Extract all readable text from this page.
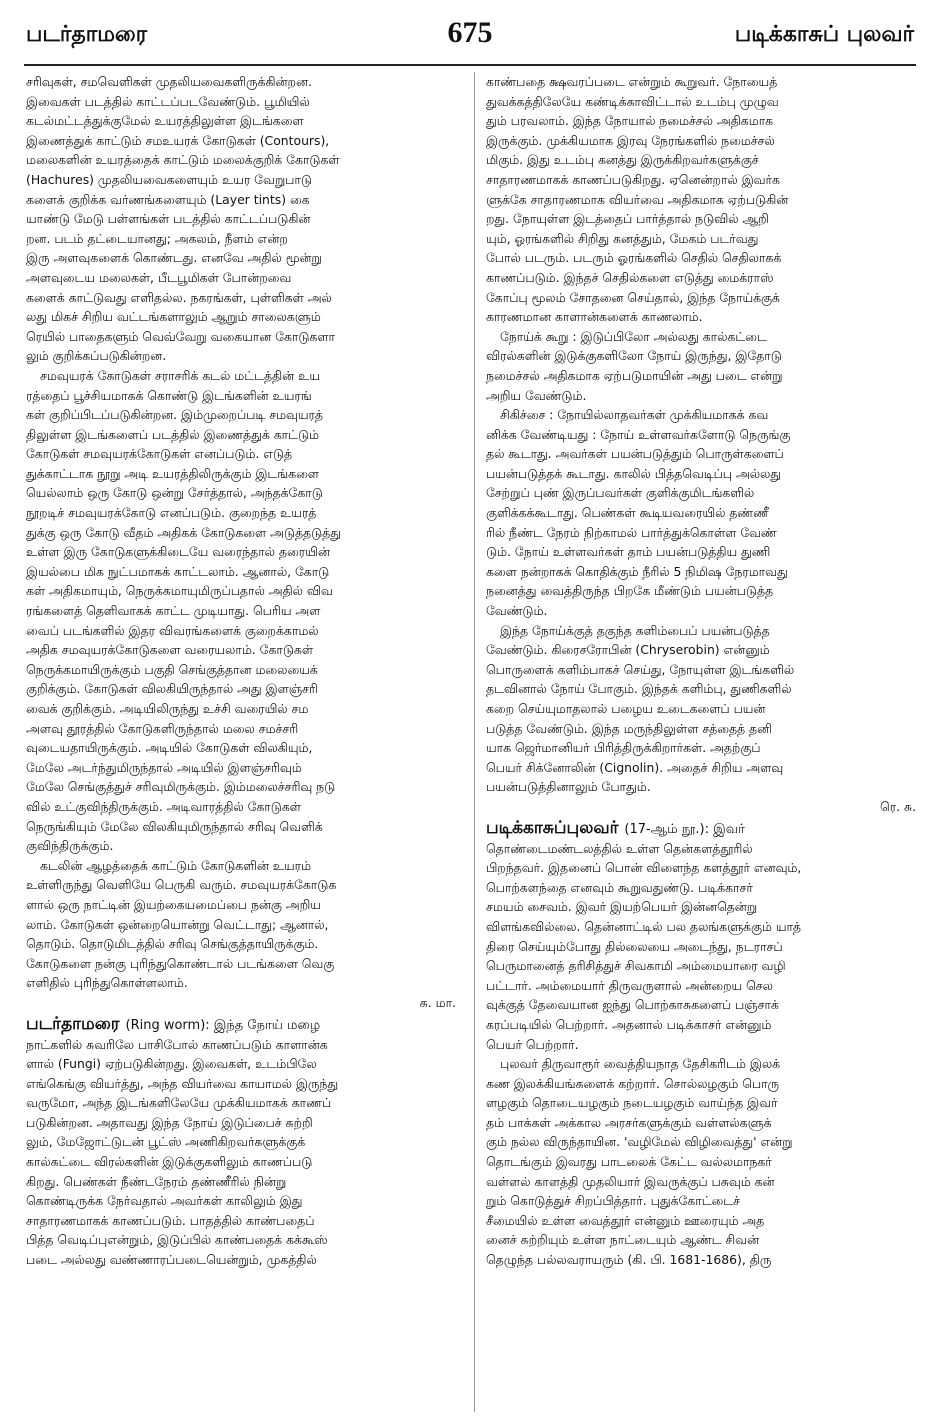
படர்தாமரை	675	படிக்காசுப் புலவர்
சரிவுகள், சமவெளிகள் முதலியவைகளிருக்கின்றன.
இவைகள் படத்தில் காட்டப்படவேண்டும். பூமியில்
கடல்மட்டத்துக்குமேல் உயரத்திலுள்ள இடங்களை
இணைத்துக் காட்டும் சமஉயரக் கோடுகள் (Contours),
மலைகளின் உயரத்தைக் காட்டும் மலைக்குறிக் கோடுகள்
(Hachures) முதலியவைகளையும் உயர வேறுபாடு
களைக் குறிக்க வர்ணங்களையும் (Layer tints) கை
யாண்டு மேடு பள்ளங்கள் படத்தில் காட்டப்படுகின்
றன. படம் தட்டையானது; அகலம், நீளம் என்ற
இரு அளவுகளைக் கொண்டது. எனவே அதில் மூன்று
அளவுடைய மலைகள், பீடபூமிகள் போன்றவை
களைக் காட்டுவது எளிதல்ல. நகரங்கள், புள்ளிகள் அல்
லது மிகச் சிறிய வட்டங்களாலும் ஆறும் சாலைகளும்
ரெயில் பாதைகளும் வெவ்வேறு வகையான கோடுகளா
லும் குறிக்கப்படுகின்றன.
சமவுயரக் கோடுகள் சராசரிக் கடல் மட்டத்தின் உய
ரத்தைப் பூச்சியமாகக் கொண்டு இடங்களின் உயரங்
கள் குறிப்பிடப்படுகின்றன. இம்முறைப்படி சமவுயரத்
திலுள்ள இடங்களைப் படத்தில் இணைத்துக் காட்டும்
கோடுகள் சமவுயரக்கோடுகள் எனப்படும். எடுத்
துக்காட்டாக நூறு அடி உயரத்திலிருக்கும் இடங்களை
யெல்லாம் ஒரு கோடு ஒன்று சேர்த்தால், அந்தக்கோடு
நூறடிச் சமவுயரக்கோடு எனப்படும். குறைந்த உயரத்
துக்கு ஒரு கோடு வீதம் அதிகக் கோடுகளை அடுத்தடுத்து
உள்ள இரு கோடுகளுக்கிடையே வரைந்தால் தரையின்
இயல்பை மிக நுட்பமாகக் காட்டலாம். ஆனால், கோடு
கள் அதிகமாயும், நெருக்கமாயுமிருப்பதால் அதில் விவ
ரங்களைத் தெளிவாகக் காட்ட முடியாது. பெரிய அள
வைப் படங்களில் இதர விவரங்களைக் குறைக்காமல்
அதிக சமவுயரக்கோடுகளை வரையலாம். கோடுகள்
நெருக்கமாயிருக்கும் பகுதி செங்குத்தான மலையைக்
குறிக்கும். கோடுகள் விலகியிருந்தால் அது இளஞ்சரி
வைக் குறிக்கும். அடியிலிருந்து உச்சி வரையில் சம
அளவு தூரத்தில் கோடுகளிருந்தால் மலை சமச்சரி
வுடையதாயிருக்கும். அடியில் கோடுகள் விலகியும்,
மேலே அடர்ந்துமிருந்தால் அடியில் இளஞ்சரிவும்
மேலே செங்குத்துச் சரிவுமிருக்கும். இம்மலைச்சரிவு நடு
வில் உட்குவிந்திருக்கும். அடிவாரத்தில் கோடுகள்
நெருங்கியும் மேலே விலகியுமிருந்தால் சரிவு வெளிக்
குவிந்திருக்கும்.
கடலின் ஆழத்தைக் காட்டும் கோடுகளின் உயரம்
உள்ளிருந்து வெளியே பெருகி வரும். சமவுயரக்கோடுக
ளால் ஒரு நாட்டின் இயற்கையமைப்பை நன்கு அறிய
லாம். கோடுகள் ஒன்றையொன்று வெட்டாது; ஆனால்,
தொடும். தொடுமிடத்தில் சரிவு செங்குத்தாயிருக்கும்.
கோடுகளை நன்கு புரிந்துகொண்டால் படங்களை வெகு
எளிதில் புரிந்துகொள்ளலாம்.
சு. மா.
படர்தாமரை (Ring worm): இந்த நோய் மழை
நாட்களில் சுவரிலே பாசிபோல் காணப்படும் காளான்க
ளால் (Fungi) ஏற்படுகின்றது. இவைகள், உடம்பிலே
எங்கெங்கு வியர்த்து, அந்த வியர்வை காயாமல் இருந்து
வருமோ, அந்த இடங்களிலேயே முக்கியமாகக் காணப்
படுகின்றன. அதாவது இந்த நோய் இடுப்பைச் சுற்றி
லும், மேஜோட்டுடன் பூட்ஸ் அணிகிறவர்களுக்குக்
கால்கட்டை விரல்களின் இடுக்குகளிலும் காணப்படு
கிறது. பெண்கள் நீண்டநேரம் தண்ணீரில் நின்று
கொண்டிருக்க நேர்வதால் அவர்கள் காலிலும் இது
சாதாரணமாகக் காணப்படும். பாதத்தில் காண்பதைப்
பித்த வெடிப்புஎன்றும், இடுப்பில் காண்பதைக் கக்கூஸ்
படை அல்லது வண்ணாரப்படையென்றும், முகத்தில்
காண்பதை க்ஷவரப்படை என்றும் கூறுவர். நோயைத்
துவக்கத்திலேயே கண்டிக்காவிட்டால் உடம்பு முழுவ
தும் பரவலாம். இந்த நோயால் நமைச்சல் அதிகமாக
இருக்கும். முக்கியமாக இரவு நேரங்களில் நமைச்சல்
மிகும். இது உடம்பு கனத்து இருக்கிறவர்களுக்குச்
சாதாரணமாகக் காணப்படுகிறது. ஏனென்றால் இவர்க
ளுக்கே சாதாரணமாக வியர்வை அதிகமாக ஏற்படுகின்
றது. நோயுள்ள இடத்தைப் பார்த்தால் நடுவில் ஆறி
யும், ஓரங்களில் சிறிது கனத்தும், மேகம் படர்வது
போல் படரும். படரும் ஓரங்களில் செதில் செதிலாகக்
காணப்படும். இந்தச் செதில்களை எடுத்து மைக்ராஸ்
கோப்பு மூலம் சோதனை செய்தால், இந்த நோய்க்குக்
காரணமான காளான்களைக் காணலாம்.
நோய்க் கூறு : இடுப்பிலோ அல்லது கால்கட்டை
விரல்களின் இடுக்குகளிலோ நோய் இருந்து, இதோடு
நமைச்சல் அதிகமாக ஏற்படுமாயின் அது படை என்று
அறிய வேண்டும்.
சிகிச்சை : நோயில்லாதவர்கள் முக்கியமாகக் கவ
னிக்க வேண்டியது : நோய் உள்ளவர்களோடு நெருங்கு
தல் கூடாது. அவர்கள் பயன்படுத்தும் பொருள்களைப்
பயன்படுத்தக் கூடாது. காலில் பித்தவெடிப்பு அல்லது
சேற்றுப் புண் இருப்பவர்கள் குளிக்குமிடங்களில்
குளிக்கக்கூடாது. பெண்கள் கூடியவரையில் தண்ணீ
ரில் நீண்ட நேரம் நிற்காமல் பார்த்துக்கொள்ள வேண்
டும். நோய் உள்ளவர்கள் தாம் பயன்படுத்திய துணி
களை நன்றாகக் கொதிக்கும் நீரில் 5 நிமிஷ நேரமாவது
நனைத்து வைத்திருந்த பிறகே மீண்டும் பயன்படுத்த
வேண்டும்.
இந்த நோய்க்குத் தகுந்த களிம்பைப் பயன்படுத்த
வேண்டும். கிரைசரோபின் (Chryserobin) என்னும்
பொருளைக் களிம்பாகச் செய்து, நோயுள்ள இடங்களில்
தடவினால் நோய் போகும். இந்தக் களிம்பு, துணிகளில்
கறை செய்யுமாதலால் பழைய உடைகளைப் பயன்
படுத்த வேண்டும். இந்த மருந்திலுள்ள சத்தைத் தனி
யாக ஜெர்மானியர் பிரித்திருக்கிறார்கள். அதற்குப்
பெயர் சிக்னோலின் (Cignolin). அதைச் சிறிய அளவு
பயன்படுத்தினாலும் போதும்.
ரெ. சு.
படிக்காசுப்புலவர் (17-ஆம் நூ.): இவர்
தொண்டைமண்டலத்தில் உள்ள தென்களத்தூரில்
பிறந்தவர். இதனைப் பொன் விளைந்த களத்தூர் எனவும்,
பொற்களந்தை எனவும் கூறுவதுண்டு. படிக்காசர்
சமயம் சைவம். இவர் இயற்பெயர் இன்னதென்று
விளங்கவில்லை. தென்னாட்டில் பல தலங்களுக்கும் யாத்
திரை செய்யும்போது தில்லையை அடைந்து, நடராசப்
பெருமானைத் தரிசித்துச் சிவகாமி அம்மையாரை வழி
பட்டார். அம்மையார் திருவருளால் அன்றைய செல
வுக்குத் தேவையான ஐந்து பொற்காசுகளைப் பஞ்சாக்
கரப்படியில் பெற்றார். அதனால் படிக்காசர் என்னும்
பெயர் பெற்றார்.
புலவர் திருவாரூர் வைத்தியநாத தேசிகரிடம் இலக்
கண இலக்கியங்களைக் கற்றார். சொல்லழகும் பொரு
ளழகும் தொடையழகும் நடையழகும் வாய்ந்த இவர்
தம் பாக்கள் அக்கால அரசர்களுக்கும் வள்ளல்களுக்
கும் நல்ல விருந்தாயின. 'வழிமேல் விழிவைத்து' என்று
தொடங்கும் இவரது பாடலைக் கேட்ட வல்லமாநகர்
வள்ளல் காளத்தி முதலியார் இவருக்குப் பசுவும் கன்
றும் கொடுத்துச் சிறப்பித்தார். புதுக்கோட்டைச்
சீமையில் உள்ள வைத்தூர் என்னும் ஊரையும் அத
னைச் சுற்றியும் உள்ள நாட்டையும் ஆண்ட சிவன்
தெழுந்த பல்லவராயரும் (கி. பி. 1681-1686), திரு
